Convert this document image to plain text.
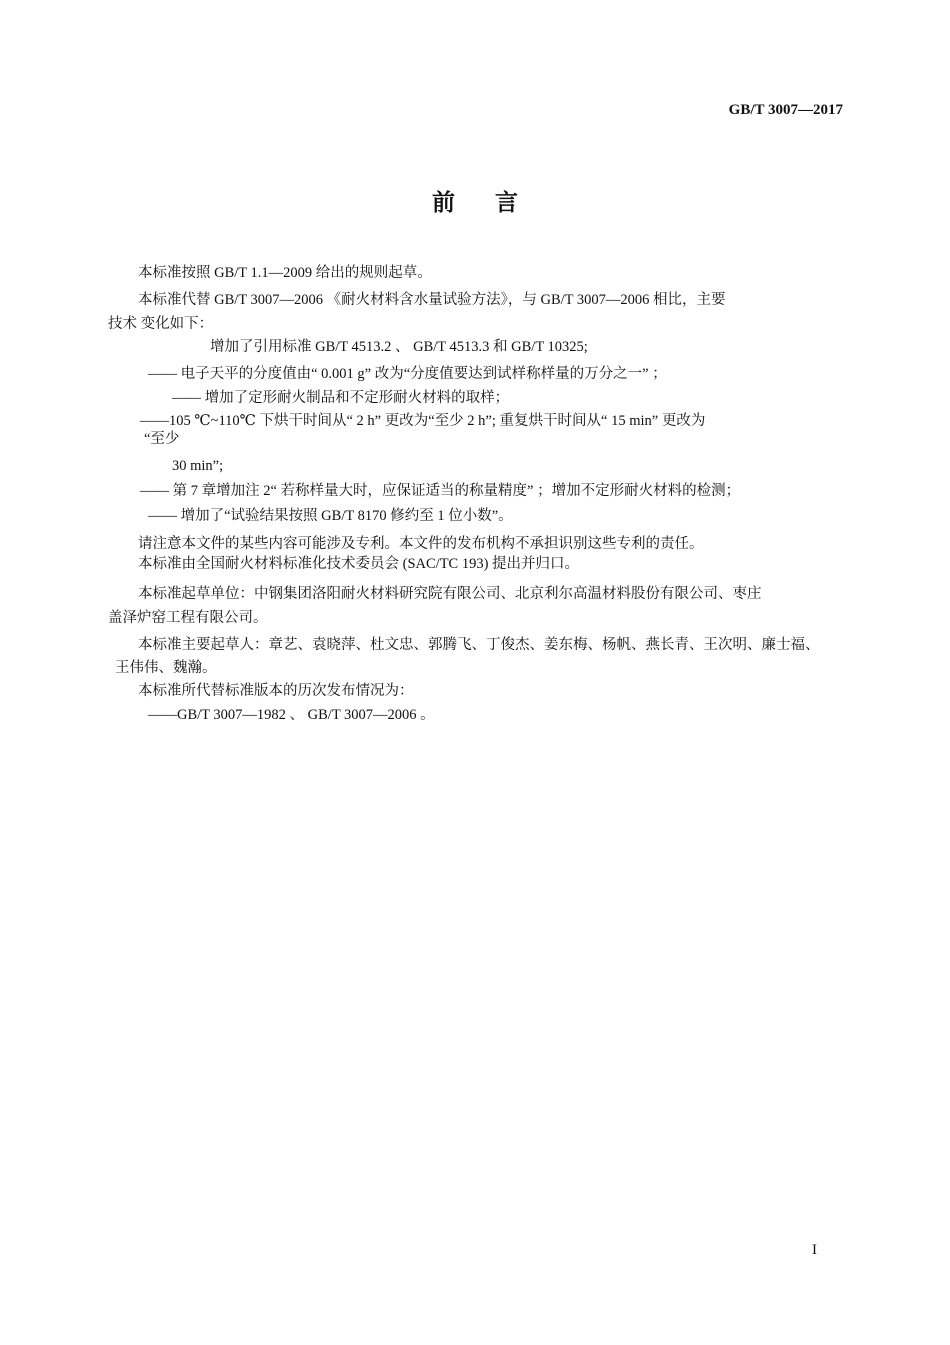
GB/T 3007—2017
前言
本标准按照 GB/T 1.1—2009 给出的规则起草。
本标准代替 GB/T 3007—2006 《耐火材料含水量试验方法》，与 GB/T 3007—2006 相比，主要
技术 变化如下：
增加了引用标准 GB/T 4513.2 、 GB/T 4513.3 和 GB/T 10325;
—— 电子天平的分度值由“ 0.001 g” 改为“分度值要达到试样称样量的万分之一” ；
—— 增加了定形耐火制品和不定形耐火材料的取样；
——105 ℃~110℃ 下烘干时间从“ 2 h” 更改为“至少 2 h”; 重复烘干时间从“ 15 min” 更改为
“至少
30 min”;
—— 第 7 章增加注 2“ 若称样量大时，应保证适当的称量精度” ；增加不定形耐火材料的检测；
—— 增加了“试验结果按照 GB/T 8170 修约至 1 位小数”。
请注意本文件的某些内容可能涉及专利。本文件的发布机构不承担识别这些专利的责任。
本标准由全国耐火材料标准化技术委员会 (SAC/TC 193) 提出并归口。
本标准起草单位：中钢集团洛阳耐火材料研究院有限公司、北京利尔高温材料股份有限公司、枣庄
盖泽炉窑工程有限公司。
本标准主要起草人：章艺、袁晓萍、杜文忠、郭腾飞、丁俊杰、姜东梅、杨帆、燕长青、王次明、廉士福、
王伟伟、魏瀚。
本标准所代替标准版本的历次发布情况为：
——GB/T 3007—1982 、 GB/T 3007—2006 。
I
